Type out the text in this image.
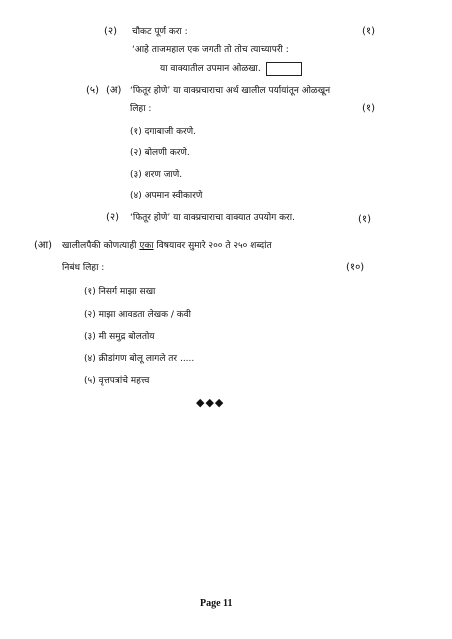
(२) चौकट पूर्ण करा :	(१)
‘आहे ताजमहाल एक जगती तो तोच त्याच्यापरी :
या वाक्यातील उपमान ओळखा.
(५) (अ) ‘फितूर होणे’ या वाक्प्रचाराचा अर्थ खालील पर्यायांतून ओळखून
लिहा :	(१)
(१) दगाबाजी करणे.
(२) बोलणी करणे.
(३) शरण जाणे.
(४) अपमान स्वीकारणे
(२) ‘फितूर होणे’ या वाक्प्रचाराचा वाक्यात उपयोग करा.	(१)
(आ) खालीलपैकी कोणत्याही एका विषयावर सुमारे २०० ते २५० शब्दांत
निबंध लिहा :	(१०)
(१) निसर्ग माझा सखा
(२) माझा आवडता लेखक / कवी
(३) मी समुद्र बोलतोय
(४) क्रीडांगण बोलू लागले तर .....
(५) वृत्तपत्रांचे महत्त्व
◆◆◆
Page 11
